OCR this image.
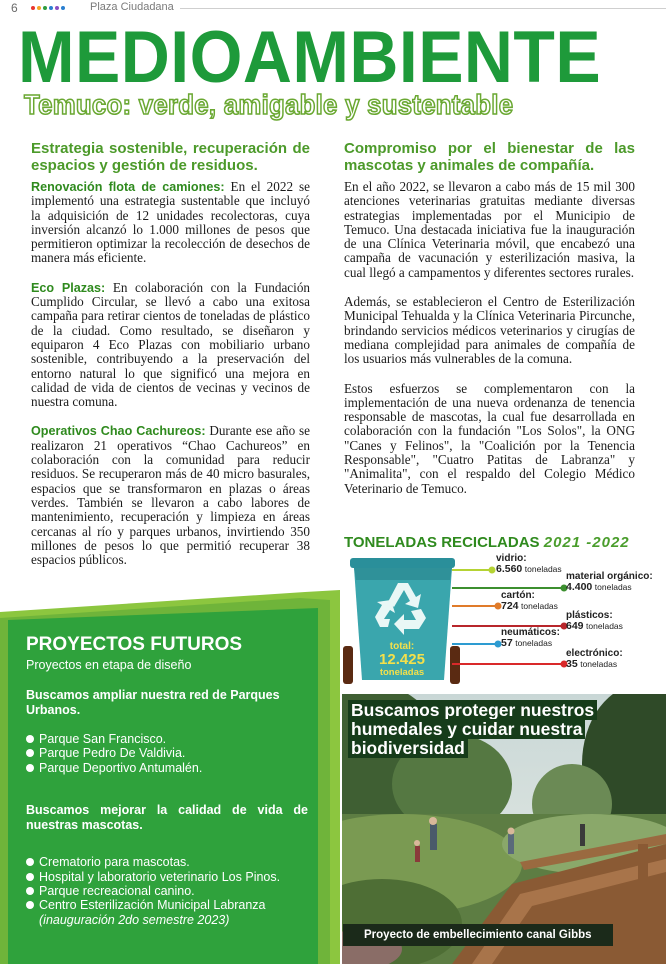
6	Plaza Ciudadana
MEDIOAMBIENTE
Temuco: verde, amigable y sustentable
Estrategia sostenible, recuperación de espacios y gestión de residuos.

Renovación flota de camiones: En el 2022 se implementó una estrategia sustentable que incluyó la adquisición de 12 unidades recolectoras, cuya inversión alcanzó lo 1.000 millones de pesos que permitieron optimizar la recolección de desechos de manera más eficiente.

Eco Plazas: En colaboración con la Fundación Cumplido Circular, se llevó a cabo una exitosa campaña para retirar cientos de toneladas de plástico de la ciudad. Como resultado, se diseñaron y equiparon 4 Eco Plazas con mobiliario urbano sostenible, contribuyendo a la preservación del entorno natural lo que significó una mejora en calidad de vida de cientos de vecinas y vecinos de nuestra comuna.

Operativos Chao Cachureos: Durante ese año se realizaron 21 operativos “Chao Cachureos” en colaboración con la comunidad para reducir residuos. Se recuperaron más de 40 micro basurales, espacios que se transformaron en plazas o áreas verdes. También se llevaron a cabo labores de mantenimiento, recuperación y limpieza en áreas cercanas al río y parques urbanos, invirtiendo 350 millones de pesos lo que permitió recuperar 38 espacios públicos.

Compromiso por el bienestar de las mascotas y animales de compañía.

En el año 2022, se llevaron a cabo más de 15 mil 300 atenciones veterinarias gratuitas mediante diversas estrategias implementadas por el Municipio de Temuco. Una destacada iniciativa fue la inauguración de una Clínica Veterinaria móvil, que encabezó una campaña de vacunación y esterilización masiva, la cual llegó a campamentos y diferentes sectores rurales.

Además, se establecieron el Centro de Esterilización Municipal Tehualda y la Clínica Veterinaria Pircunche, brindando servicios médicos veterinarios y cirugías de mediana complejidad para animales de compañía de los usuarios más vulnerables de la comuna.

Estos esfuerzos se complementaron con la implementación de una nueva ordenanza de tenencia responsable de mascotas, la cual fue desarrollada en colaboración con la fundación "Los Solos", la ONG "Canes y Felinos", la "Coalición por la Tenencia Responsable", "Cuatro Patitas de Labranza" y "Animalita", con el respaldo del Colegio Médico Veterinario de Temuco.

PROYECTOS FUTUROS
Proyectos en etapa de diseño
Buscamos ampliar nuestra red de Parques Urbanos.
Parque San Francisco.
Parque Pedro De Valdivia.
Parque Deportivo Antumalén.
Buscamos mejorar la calidad de vida de nuestras mascotas.
Crematorio para mascotas.
Hospital y laboratorio veterinario Los Pinos.
Parque recreacional canino.
Centro Esterilización Municipal Labranza
(inauguración 2do semestre 2023)
TONELADAS RECICLADAS 2021 -2022
total:
12.425
toneladas
vidrio:
6.560 toneladas
material orgánico:
4.400 toneladas
cartón:
724 toneladas
plásticos:
649 toneladas
neumáticos:
57 toneladas
electrónico:
35 toneladas
Buscamos proteger nuestros humedales y cuidar nuestra biodiversidad
Proyecto de embellecimiento canal Gibbs
